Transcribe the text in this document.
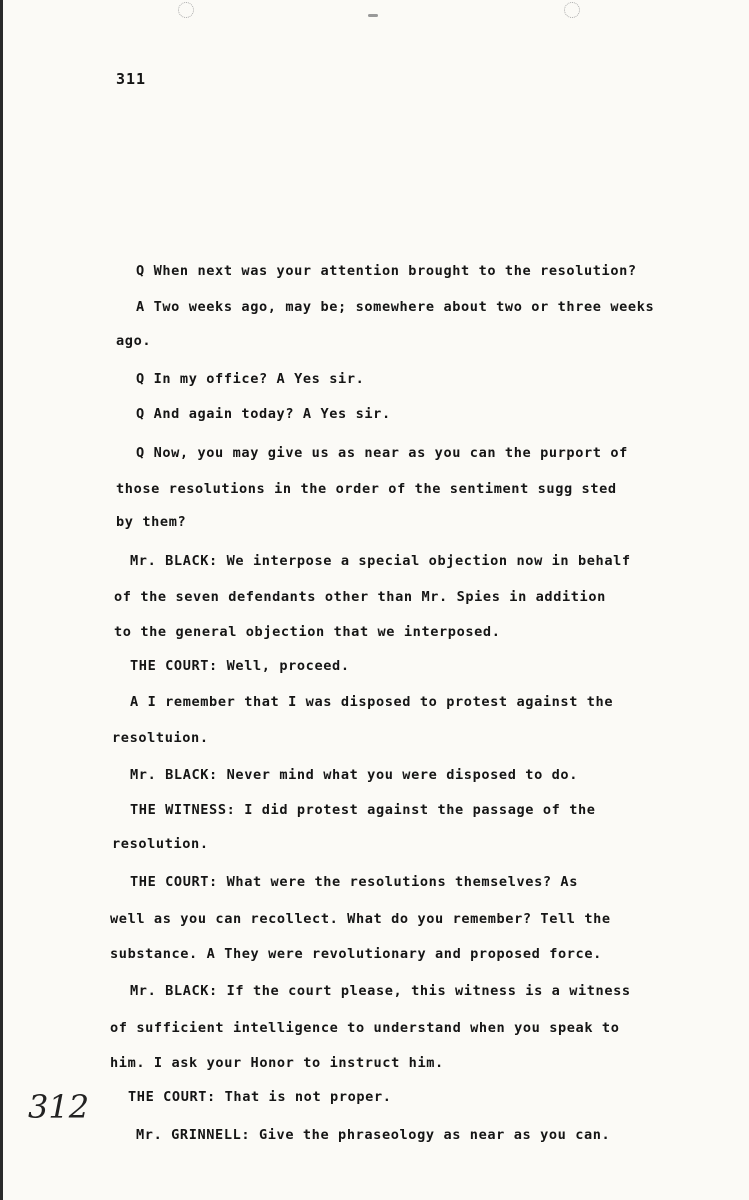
311
Q When next was your attention brought to the resolution?
A Two weeks ago, may be; somewhere about two or three weeks
ago.
Q In my office? A Yes sir.
Q And again today? A Yes sir.
Q Now, you may give us as near as you can the purport of
those resolutions in the order of the sentiment sugg sted
by them?
Mr. BLACK: We interpose a special objection now in behalf
of the seven defendants other than Mr. Spies in addition
to the general objection that we interposed.
THE COURT: Well, proceed.
A I remember that I was disposed to protest against the
resoltuion.
Mr. BLACK: Never mind what you were disposed to do.
THE WITNESS: I did protest against the passage of the
resolution.
THE COURT: What were the resolutions themselves? As
well as you can recollect. What do you remember? Tell the
substance. A They were revolutionary and proposed force.
Mr. BLACK: If the court please, this witness is a witness
of sufficient intelligence to understand when you speak to
him. I ask your Honor to instruct him.
THE COURT: That is not proper.
Mr. GRINNELL: Give the phraseology as near as you can.
312
